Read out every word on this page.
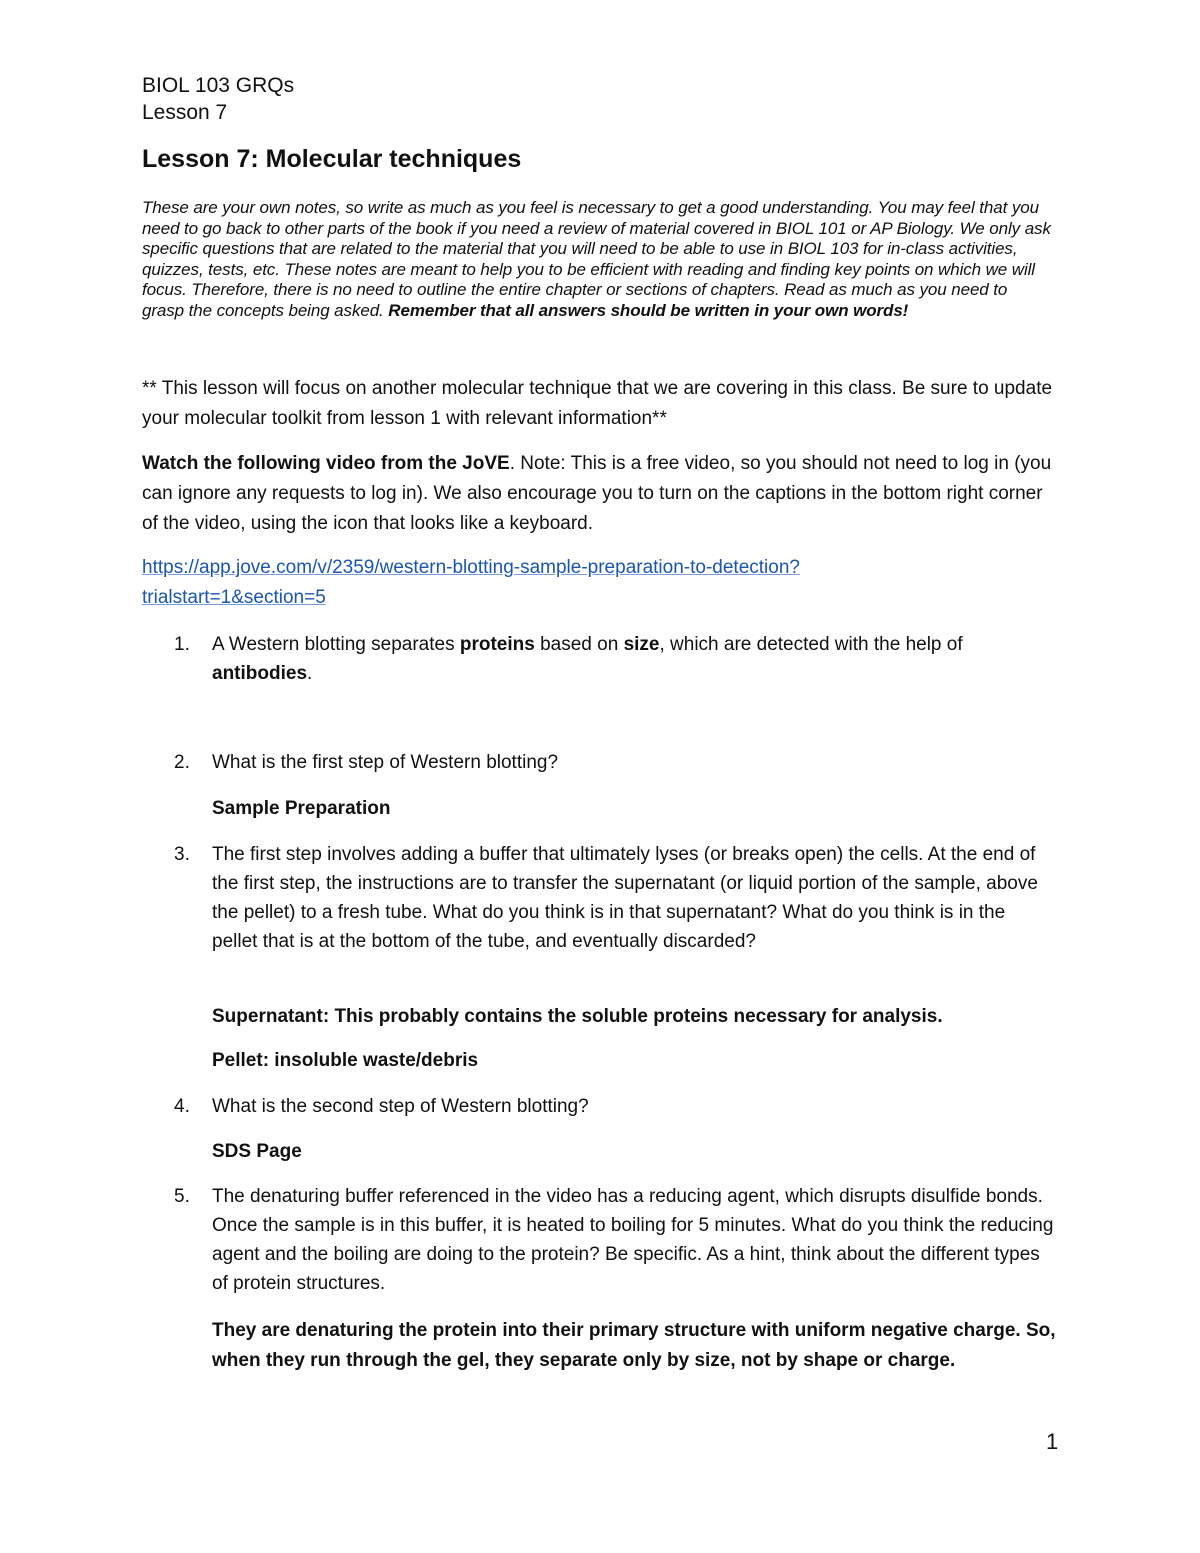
BIOL 103 GRQs
Lesson 7
Lesson 7: Molecular techniques
These are your own notes, so write as much as you feel is necessary to get a good understanding. You may feel that you need to go back to other parts of the book if you need a review of material covered in BIOL 101 or AP Biology. We only ask specific questions that are related to the material that you will need to be able to use in BIOL 103 for in-class activities, quizzes, tests, etc. These notes are meant to help you to be efficient with reading and finding key points on which we will focus. Therefore, there is no need to outline the entire chapter or sections of chapters. Read as much as you need to grasp the concepts being asked. Remember that all answers should be written in your own words!
** This lesson will focus on another molecular technique that we are covering in this class. Be sure to update your molecular toolkit from lesson 1 with relevant information**
Watch the following video from the JoVE. Note: This is a free video, so you should not need to log in (you can ignore any requests to log in). We also encourage you to turn on the captions in the bottom right corner of the video, using the icon that looks like a keyboard.
https://app.jove.com/v/2359/western-blotting-sample-preparation-to-detection?
trialstart=1&section=5
1.	A Western blotting separates proteins based on size, which are detected with the help of antibodies.
2.	What is the first step of Western blotting?
Sample Preparation
3.	The first step involves adding a buffer that ultimately lyses (or breaks open) the cells. At the end of the first step, the instructions are to transfer the supernatant (or liquid portion of the sample, above the pellet) to a fresh tube. What do you think is in that supernatant? What do you think is in the pellet that is at the bottom of the tube, and eventually discarded?
Supernatant: This probably contains the soluble proteins necessary for analysis.
Pellet: insoluble waste/debris
4.	What is the second step of Western blotting?
SDS Page
5.	The denaturing buffer referenced in the video has a reducing agent, which disrupts disulfide bonds. Once the sample is in this buffer, it is heated to boiling for 5 minutes. What do you think the reducing agent and the boiling are doing to the protein? Be specific. As a hint, think about the different types of protein structures.
They are denaturing the protein into their primary structure with uniform negative charge. So, when they run through the gel, they separate only by size, not by shape or charge.
1
